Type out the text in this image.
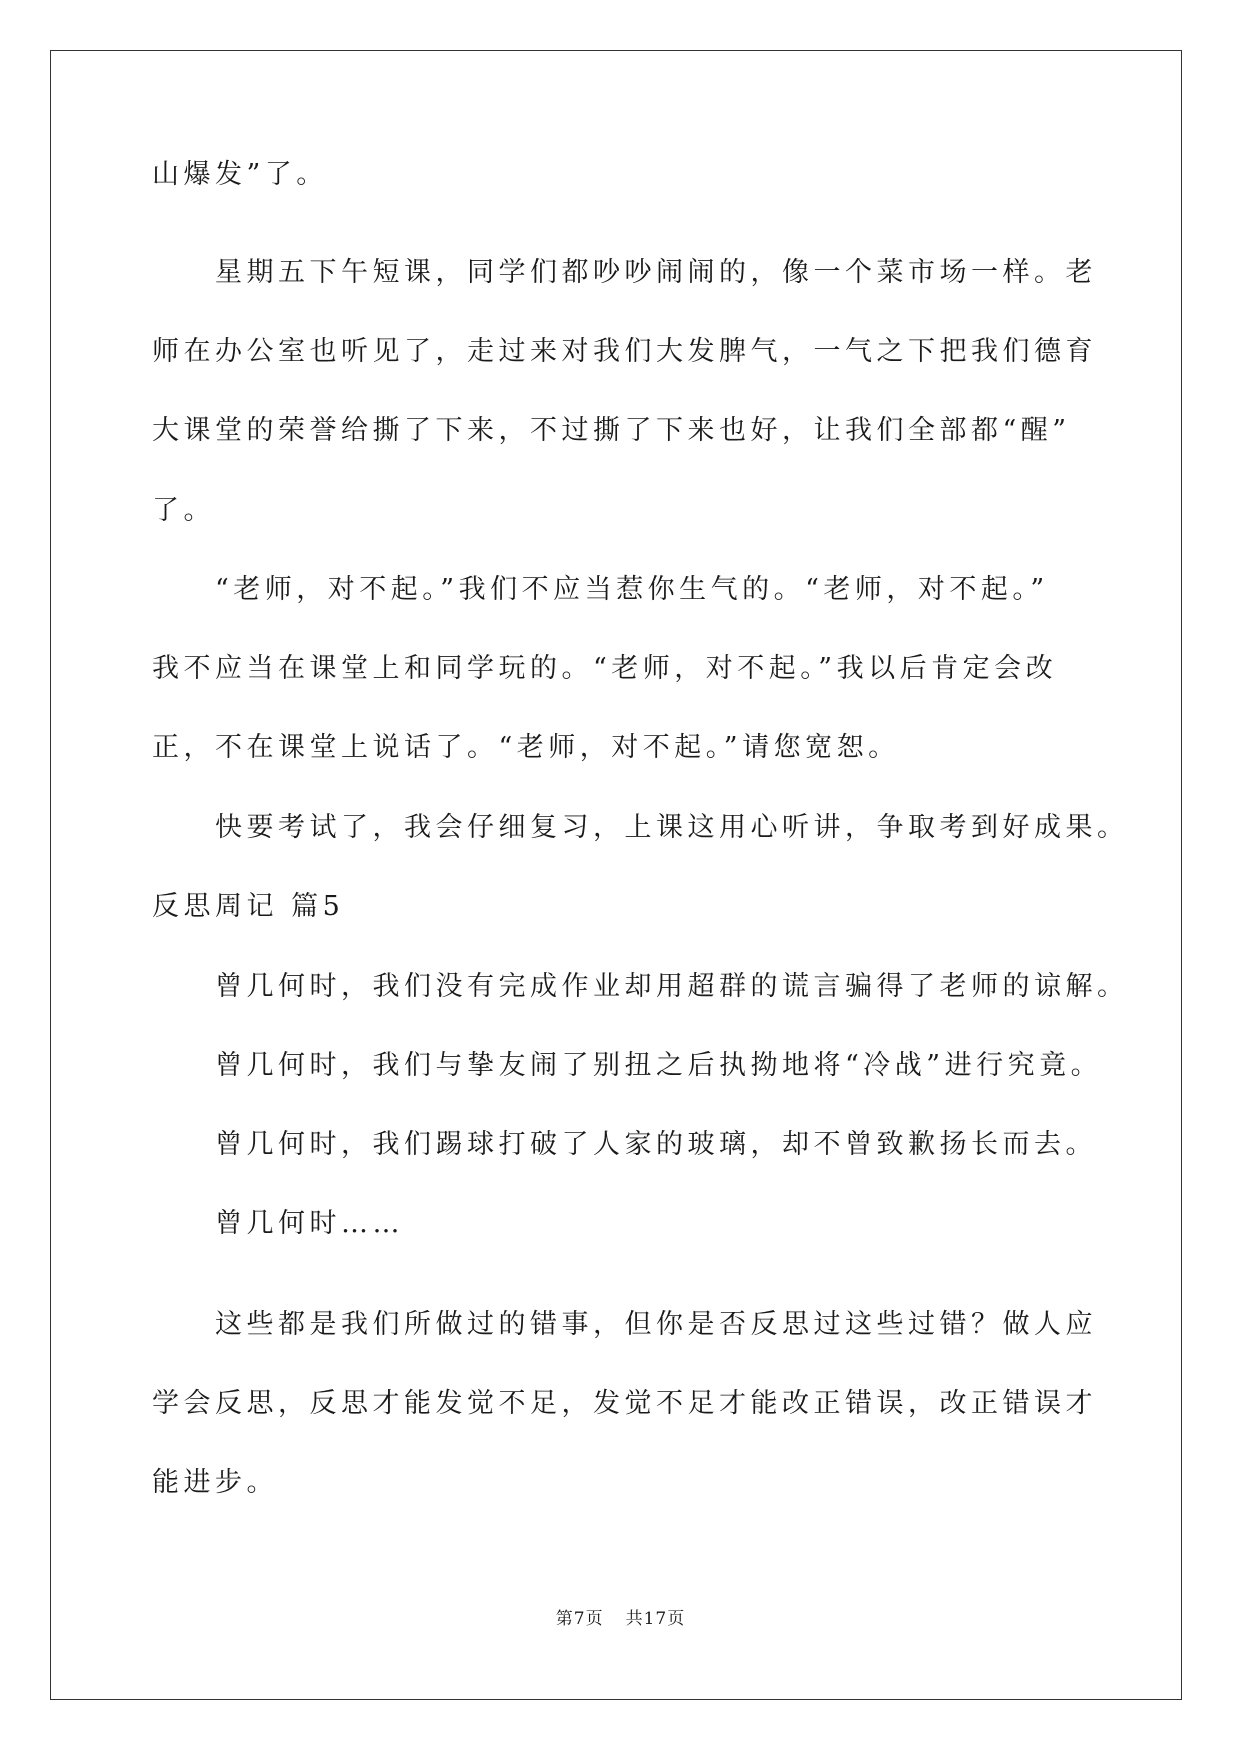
山爆发”了。
星期五下午短课，同学们都吵吵闹闹的，像一个菜市场一样。老
师在办公室也听见了，走过来对我们大发脾气，一气之下把我们德育
大课堂的荣誉给撕了下来，不过撕了下来也好，让我们全部都“醒”
了。
“老师，对不起。”我们不应当惹你生气的。“老师，对不起。”
我不应当在课堂上和同学玩的。“老师，对不起。”我以后肯定会改
正，不在课堂上说话了。“老师，对不起。”请您宽恕。
快要考试了，我会仔细复习，上课这用心听讲，争取考到好成果。
反思周记 篇5
曾几何时，我们没有完成作业却用超群的谎言骗得了老师的谅解。
曾几何时，我们与挚友闹了别扭之后执拗地将“冷战”进行究竟。
曾几何时，我们踢球打破了人家的玻璃，却不曾致歉扬长而去。
曾几何时……
这些都是我们所做过的错事，但你是否反思过这些过错？做人应
学会反思，反思才能发觉不足，发觉不足才能改正错误，改正错误才
能进步。
第7页 共17页
